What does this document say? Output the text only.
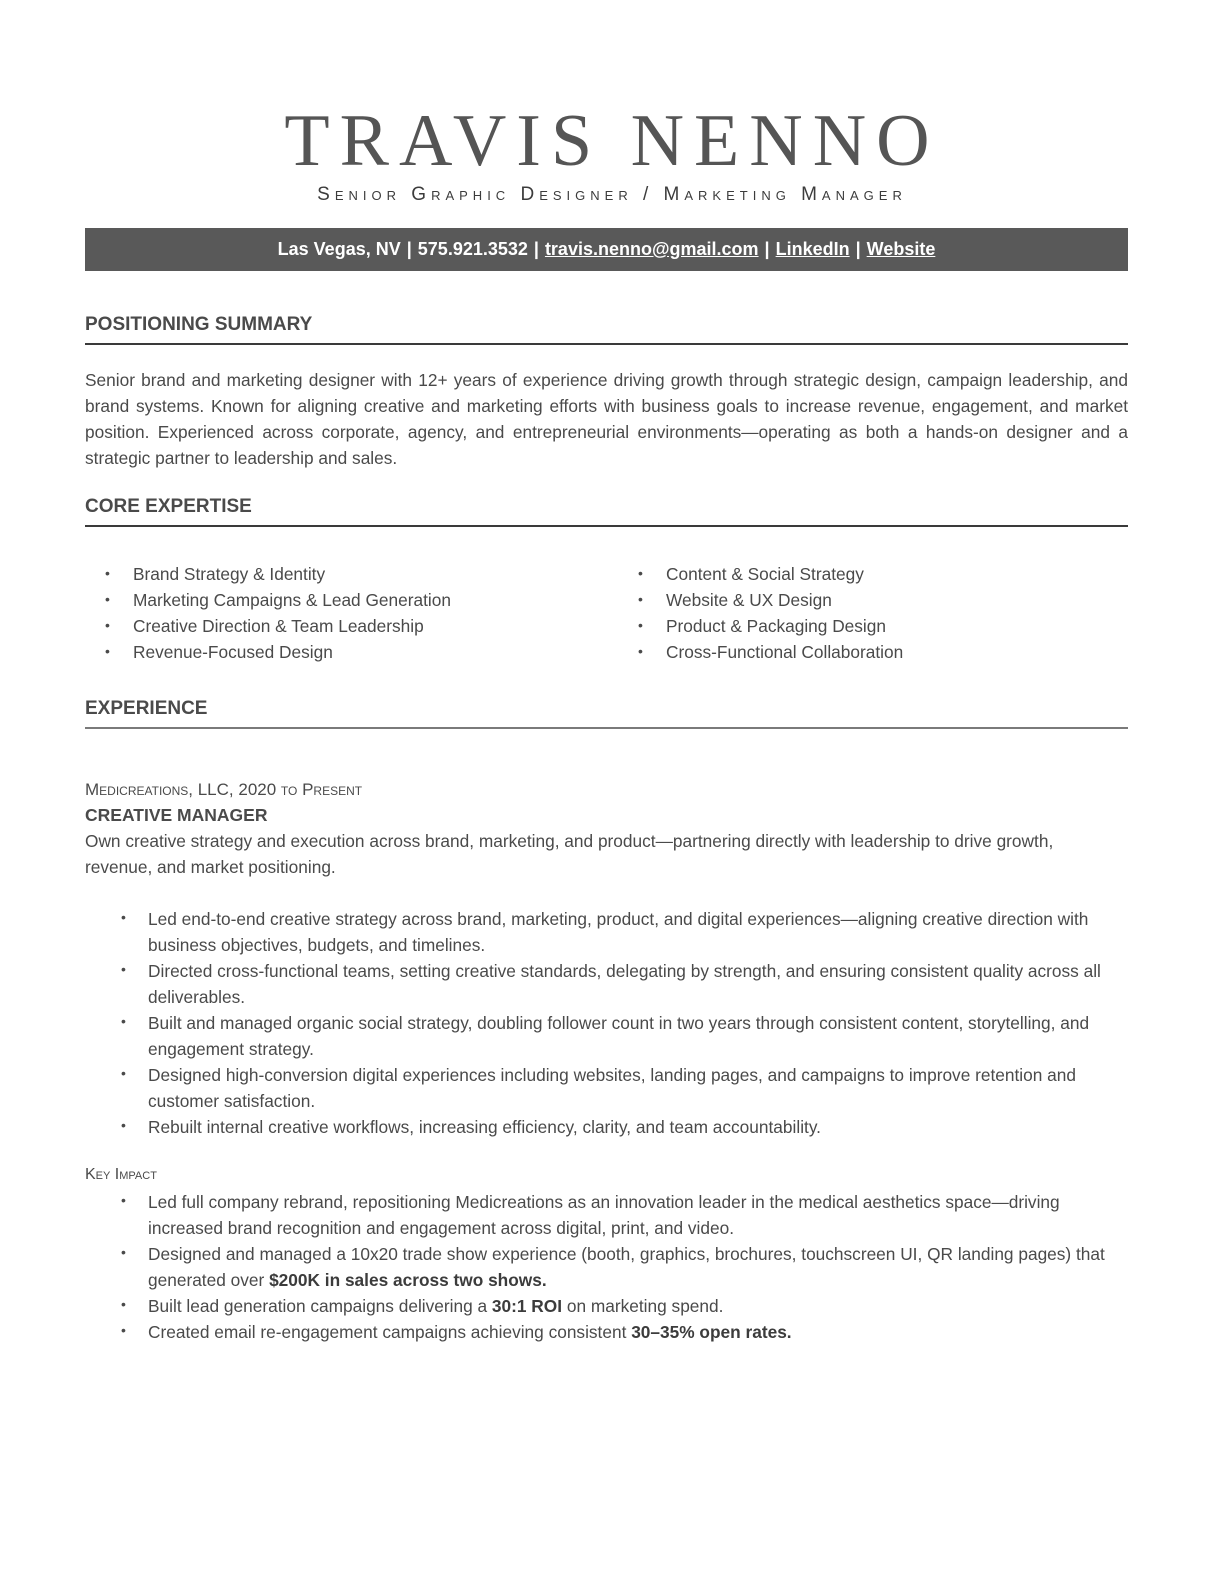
TRAVIS NENNO
Senior Graphic Designer / Marketing Manager
Las Vegas, NV | 575.921.3532 | travis.nenno@gmail.com | LinkedIn | Website
POSITIONING SUMMARY

Senior brand and marketing designer with 12+ years of experience driving growth through strategic design, campaign leadership, and brand systems. Known for aligning creative and marketing efforts with business goals to increase revenue, engagement, and market position. Experienced across corporate, agency, and entrepreneurial environments—operating as both a hands-on designer and a strategic partner to leadership and sales.

CORE EXPERTISE
• Brand Strategy & Identity
• Marketing Campaigns & Lead Generation
• Creative Direction & Team Leadership
• Revenue-Focused Design
• Content & Social Strategy
• Website & UX Design
• Product & Packaging Design
• Cross-Functional Collaboration
EXPERIENCE
Medicreations, LLC, 2020 to Present
CREATIVE MANAGER

Own creative strategy and execution across brand, marketing, and product—partnering directly with leadership to drive growth, revenue, and market positioning.

• Led end-to-end creative strategy across brand, marketing, product, and digital experiences—aligning creative direction with business objectives, budgets, and timelines.
• Directed cross-functional teams, setting creative standards, delegating by strength, and ensuring consistent quality across all deliverables.
• Built and managed organic social strategy, doubling follower count in two years through consistent content, storytelling, and engagement strategy.
• Designed high-conversion digital experiences including websites, landing pages, and campaigns to improve retention and customer satisfaction.
• Rebuilt internal creative workflows, increasing efficiency, clarity, and team accountability.
Key Impact
• Led full company rebrand, repositioning Medicreations as an innovation leader in the medical aesthetics space—driving increased brand recognition and engagement across digital, print, and video.
• Designed and managed a 10x20 trade show experience (booth, graphics, brochures, touchscreen UI, QR landing pages) that generated over $200K in sales across two shows.
• Built lead generation campaigns delivering a 30:1 ROI on marketing spend.
• Created email re-engagement campaigns achieving consistent 30–35% open rates.
